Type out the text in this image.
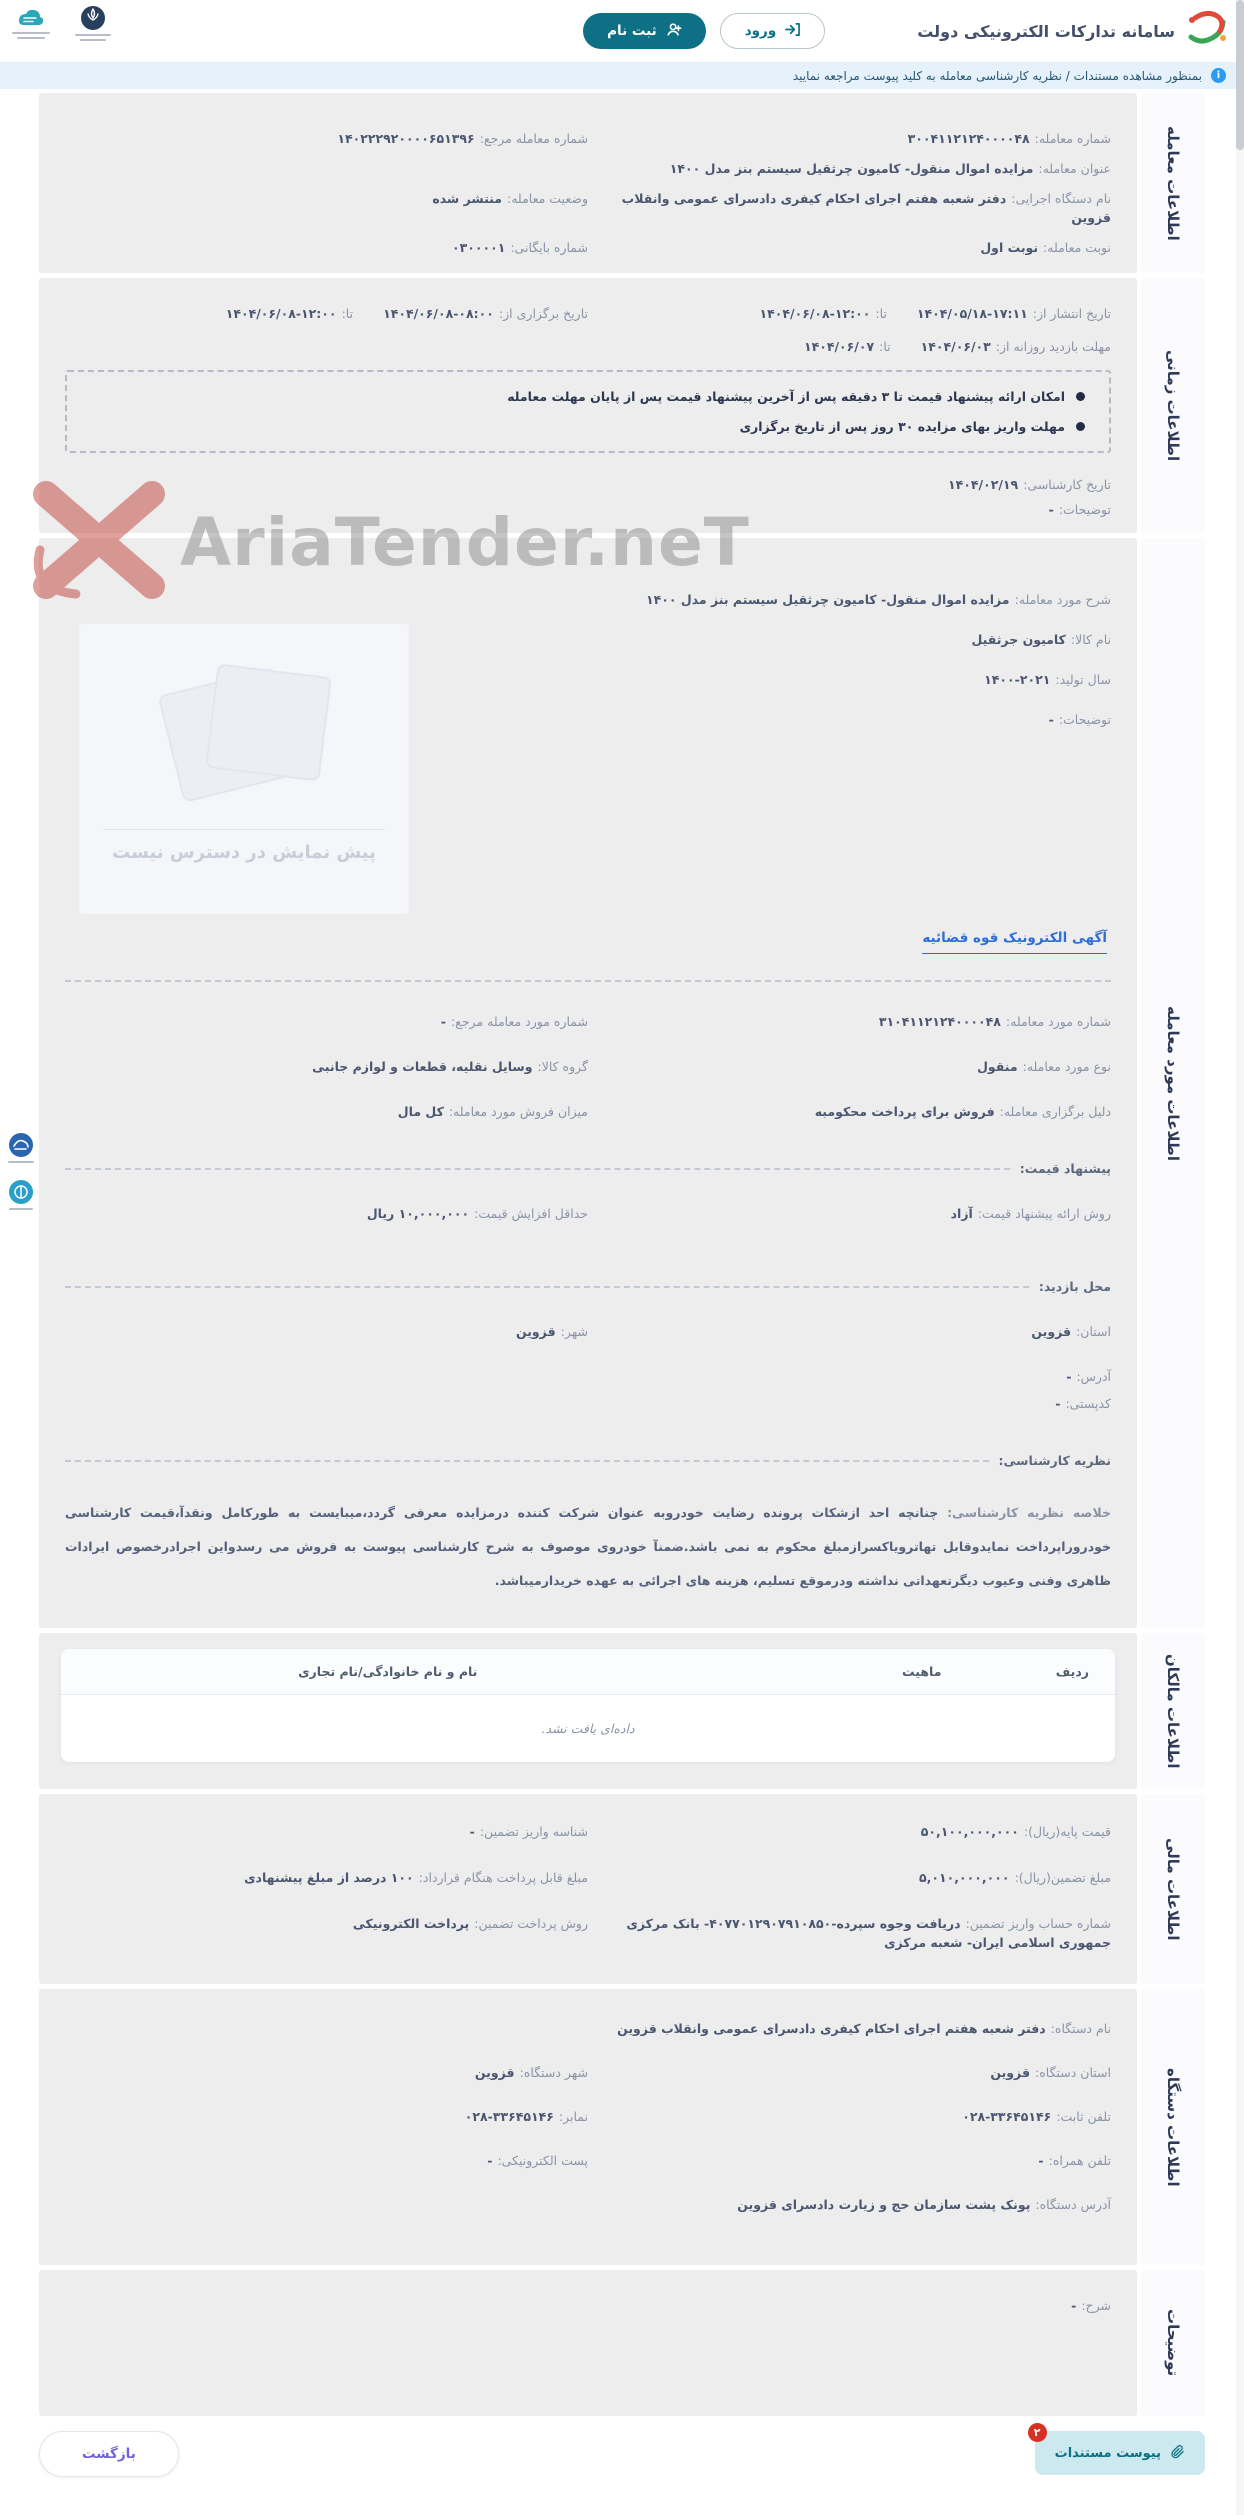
سامانه تدارکات الکترونیکی دولت
ورود
ثبت نام
i
بمنظور مشاهده مستندات / نظریه کارشناسی معامله به کلید پیوست مراجعه نمایید
اطلاعات معامله
شماره معامله:۳۰۰۴۱۱۲۱۲۴۰۰۰۰۴۸
شماره معامله مرجع:۱۴۰۲۲۲۹۲۰۰۰۰۶۵۱۳۹۶
عنوان معامله:مزایده اموال منقول- کامیون چرثقیل سیستم بنز مدل ۱۴۰۰
نام دستگاه اجرایی:دفتر شعبه هفتم اجرای احکام کیفری دادسرای عمومی وانقلاب قزوین
وضعیت معامله:منتشر شده
نوبت معامله:نوبت اول
شماره بایگانی:۰۳۰۰۰۰۱
اطلاعات زمانی
تاریخ انتشار از:۱۴۰۴/۰۵/۱۸-۱۷:۱۱
تا:۱۴۰۴/۰۶/۰۸-۱۲:۰۰
تاریخ برگزاری از:۱۴۰۴/۰۶/۰۸-۰۸:۰۰
تا:۱۴۰۴/۰۶/۰۸-۱۲:۰۰
مهلت بازدید روزانه از:۱۴۰۴/۰۶/۰۳
تا:۱۴۰۴/۰۶/۰۷
امکان ارائه پیشنهاد قیمت تا ۳ دقیقه پس از آخرین پیشنهاد قیمت پس از پایان مهلت معامله
مهلت واریز بهای مزایده ۳۰ روز پس از تاریخ برگزاری
تاریخ کارشناسی:۱۴۰۴/۰۲/۱۹
توضیحات:-
اطلاعات مورد معامله
شرح مورد معامله:مزایده اموال منقول- کامیون چرثقیل سیستم بنز مدل ۱۴۰۰
نام کالا:کامیون جرثقیل
سال تولید:۱۴۰۰-۲۰۲۱
توضیحات:-
پیش نمایش در دسترس نیست
آگهی الکترونیک قوه قضائیه
شماره مورد معامله:۳۱۰۴۱۱۲۱۲۴۰۰۰۰۴۸
شماره مورد معامله مرجع:-
نوع مورد معامله:منقول
گروه کالا:وسایل نقلیه، قطعات و لوازم جانبی
دلیل برگزاری معامله:فروش برای پرداخت محکومبه
میزان فروش مورد معامله:کل مال
پیشنهاد قیمت:
روش ارائه پیشنهاد قیمت:آزاد
حداقل افزایش قیمت:۱۰,۰۰۰,۰۰۰ ریال
محل بازدید:
استان:قزوین
شهر:قزوین
آدرس:-
کدپستی:-
نظریه کارشناسی:

خلاصه نظریه کارشناسی: چنانچه احد ازشکات پرونده رضایت خودروبه عنوان شرکت کننده درمزایده معرفی گردد،میبایست به طورکامل ونقدآ،قیمت کارشناسی خودروراپرداخت نمایدوقابل تهاترویاکسرازمبلغ محکوم به نمی باشد.ضمنآ خودروی موصوف به شرح کارشناسی پیوست به فروش می رسدواین اجرادرخصوص ایرادات ظاهری وفنی وعیوب دیگرتعهداتی نداشته ودرموقع تسلیم، هزینه های اجرائی به عهده خریدارمیباشد.

اطلاعات مالکان
ردیف	ماهیت	نام و نام خانوادگی/نام تجاری
داده‌ای یافت نشد.
اطلاعات مالی
قیمت پایه(ریال):۵۰,۱۰۰,۰۰۰,۰۰۰
شناسه واریز تضمین:-
مبلغ تضمین(ریال):۵,۰۱۰,۰۰۰,۰۰۰
مبلغ قابل پرداخت هنگام قرارداد:۱۰۰ درصد از مبلغ پیشنهادی
شماره حساب واریز تضمین:دریافت وجوه سپرده-۴۰۷۷۰۱۲۹۰۷۹۱۰۸۵۰- بانک مرکزی جمهوری اسلامی ایران- شعبه مرکزی
روش پرداخت تضمین:پرداخت الکترونیکی
اطلاعات دستگاه
نام دستگاه:دفتر شعبه هفتم اجرای احکام کیفری دادسرای عمومی وانقلاب قزوین
استان دستگاه:قزوین
شهر دستگاه:قزوین
تلفن ثابت:۰۲۸-۳۳۶۴۵۱۴۶
نمابر:۰۲۸-۳۳۶۴۵۱۴۶
تلفن همراه:-
پست الکترونیکی:-
آدرس دستگاه:پونک پشت سازمان حج و زیارت دادسرای قزوین
توضیحات
شرح:-
۲
پیوست مستندات
بازگشت
AriaTender.neT
